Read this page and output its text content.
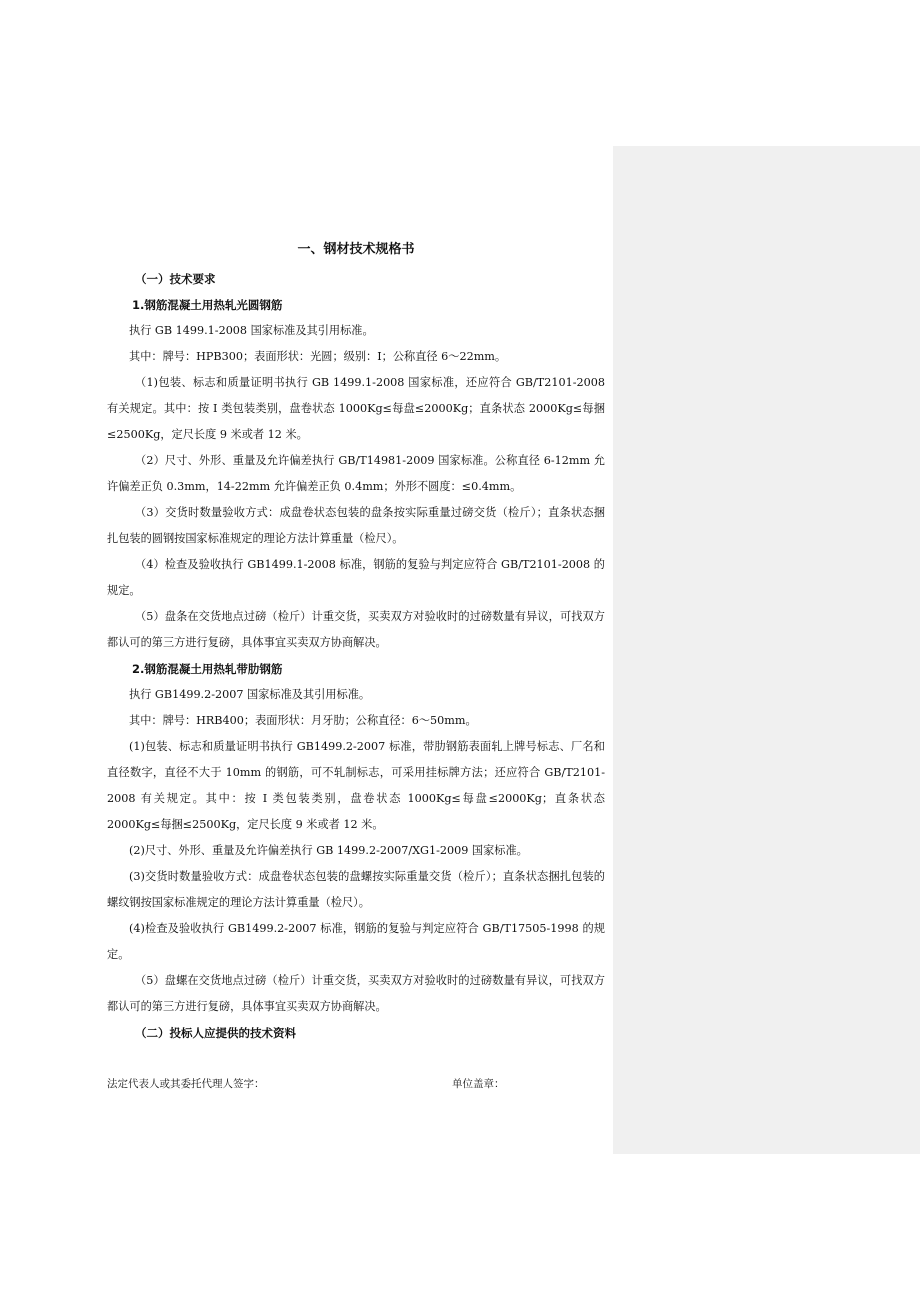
一、钢材技术规格书
（一）技术要求
1.钢筋混凝土用热轧光圆钢筋

执行 GB 1499.1-2008 国家标准及其引用标准。

其中：牌号：HPB300；表面形状：光圆；级别：I；公称直径 6～22mm。

（1)包装、标志和质量证明书执行 GB 1499.1-2008 国家标准，还应符合 GB/T2101-2008 有关规定。其中：按 I 类包装类别，盘卷状态 1000Kg≤每盘≤2000Kg；直条状态 2000Kg≤每捆≤2500Kg，定尺长度 9 米或者 12 米。

（2）尺寸、外形、重量及允许偏差执行 GB/T14981-2009 国家标准。公称直径 6-12mm 允许偏差正负 0.3mm，14-22mm 允许偏差正负 0.4mm；外形不圆度：≤0.4mm。

（3）交货时数量验收方式：成盘卷状态包装的盘条按实际重量过磅交货（检斤）；直条状态捆扎包装的圆钢按国家标准规定的理论方法计算重量（检尺）。

（4）检查及验收执行 GB1499.1-2008 标准，钢筋的复验与判定应符合 GB/T2101-2008 的规定。

（5）盘条在交货地点过磅（检斤）计重交货，买卖双方对验收时的过磅数量有异议，可找双方都认可的第三方进行复磅，具体事宜买卖双方协商解决。

2.钢筋混凝土用热轧带肋钢筋

执行 GB1499.2-2007 国家标准及其引用标准。

其中：牌号：HRB400；表面形状：月牙肋；公称直径：6～50mm。

(1)包装、标志和质量证明书执行 GB1499.2-2007 标准，带肋钢筋表面轧上牌号标志、厂名和直径数字，直径不大于 10mm 的钢筋，可不轧制标志，可采用挂标牌方法；还应符合 GB/T2101-2008 有关规定。其中：按 I 类包装类别，盘卷状态 1000Kg≤每盘≤2000Kg；直条状态 2000Kg≤每捆≤2500Kg，定尺长度 9 米或者 12 米。

(2)尺寸、外形、重量及允许偏差执行 GB 1499.2-2007/XG1-2009 国家标准。

(3)交货时数量验收方式：成盘卷状态包装的盘螺按实际重量交货（检斤）；直条状态捆扎包装的螺纹钢按国家标准规定的理论方法计算重量（检尺）。

(4)检查及验收执行 GB1499.2-2007 标准，钢筋的复验与判定应符合 GB/T17505-1998 的规定。

（5）盘螺在交货地点过磅（检斤）计重交货，买卖双方对验收时的过磅数量有异议，可找双方都认可的第三方进行复磅，具体事宜买卖双方协商解决。

（二）投标人应提供的技术资料
法定代表人或其委托代理人签字：	单位盖章：
